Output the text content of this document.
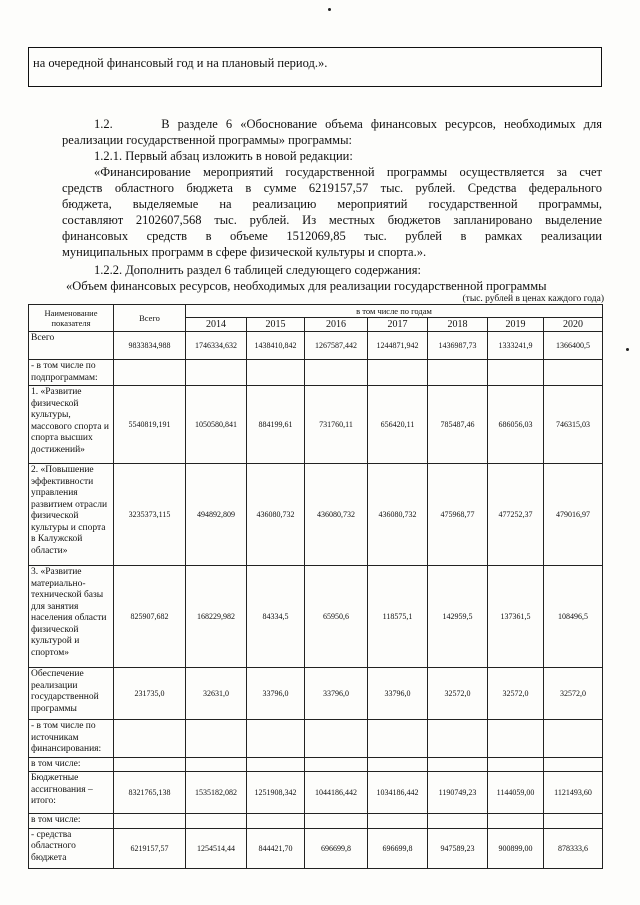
на очередной финансовый год и на плановый период.».
1.2.	В разделе 6 «Обоснование объема финансовых ресурсов, необходимых для
реализации государственной программы» программы:
1.2.1. Первый абзац изложить в новой редакции:
«Финансирование мероприятий государственной программы осуществляется за счет
средств областного бюджета в сумме 6219157,57 тыс. рублей. Средства федерального
бюджета, выделяемые на реализацию мероприятий государственной программы,
составляют 2102607,568 тыс. рублей. Из местных бюджетов запланировано выделение
финансовых средств в объеме 1512069,85 тыс. рублей в рамках реализации
муниципальных программ в сфере физической культуры и спорта.».
1.2.2. Дополнить раздел 6 таблицей следующего содержания:
«Объем финансовых ресурсов, необходимых для реализации государственной программы
(тыс. рублей в ценах каждого года)
Наименование показателя	Всего	в том числе по годам						
		2014	2015	2016	2017	2018	2019	2020
Всего	9833834,988	1746334,632	1438410,842	1267587,442	1244871,942	1436987,73	1333241,9	1366400,5
- в том числе по подпрограммам:								
1. «Развитие физической культуры, массового спорта и спорта высших достижений»	5540819,191	1050580,841	884199,61	731760,11	656420,11	785487,46	686056,03	746315,03
2. «Повышение эффективности управления развитием отрасли физической культуры и спорта в Калужской области»	3235373,115	494892,809	436080,732	436080,732	436080,732	475968,77	477252,37	479016,97
3. «Развитие материально-технической базы для занятия населения области физической культурой и спортом»	825907,682	168229,982	84334,5	65950,6	118575,1	142959,5	137361,5	108496,5
Обеспечение реализации государственной программы	231735,0	32631,0	33796,0	33796,0	33796,0	32572,0	32572,0	32572,0
- в том числе по источникам финансирования:								
в том числе:								
Бюджетные ассигнования – итого:	8321765,138	1535182,082	1251908,342	1044186,442	1034186,442	1190749,23	1144059,00	1121493,60
в том числе:								
- средства областного бюджета	6219157,57	1254514,44	844421,70	696699,8	696699,8	947589,23	900899,00	878333,6
